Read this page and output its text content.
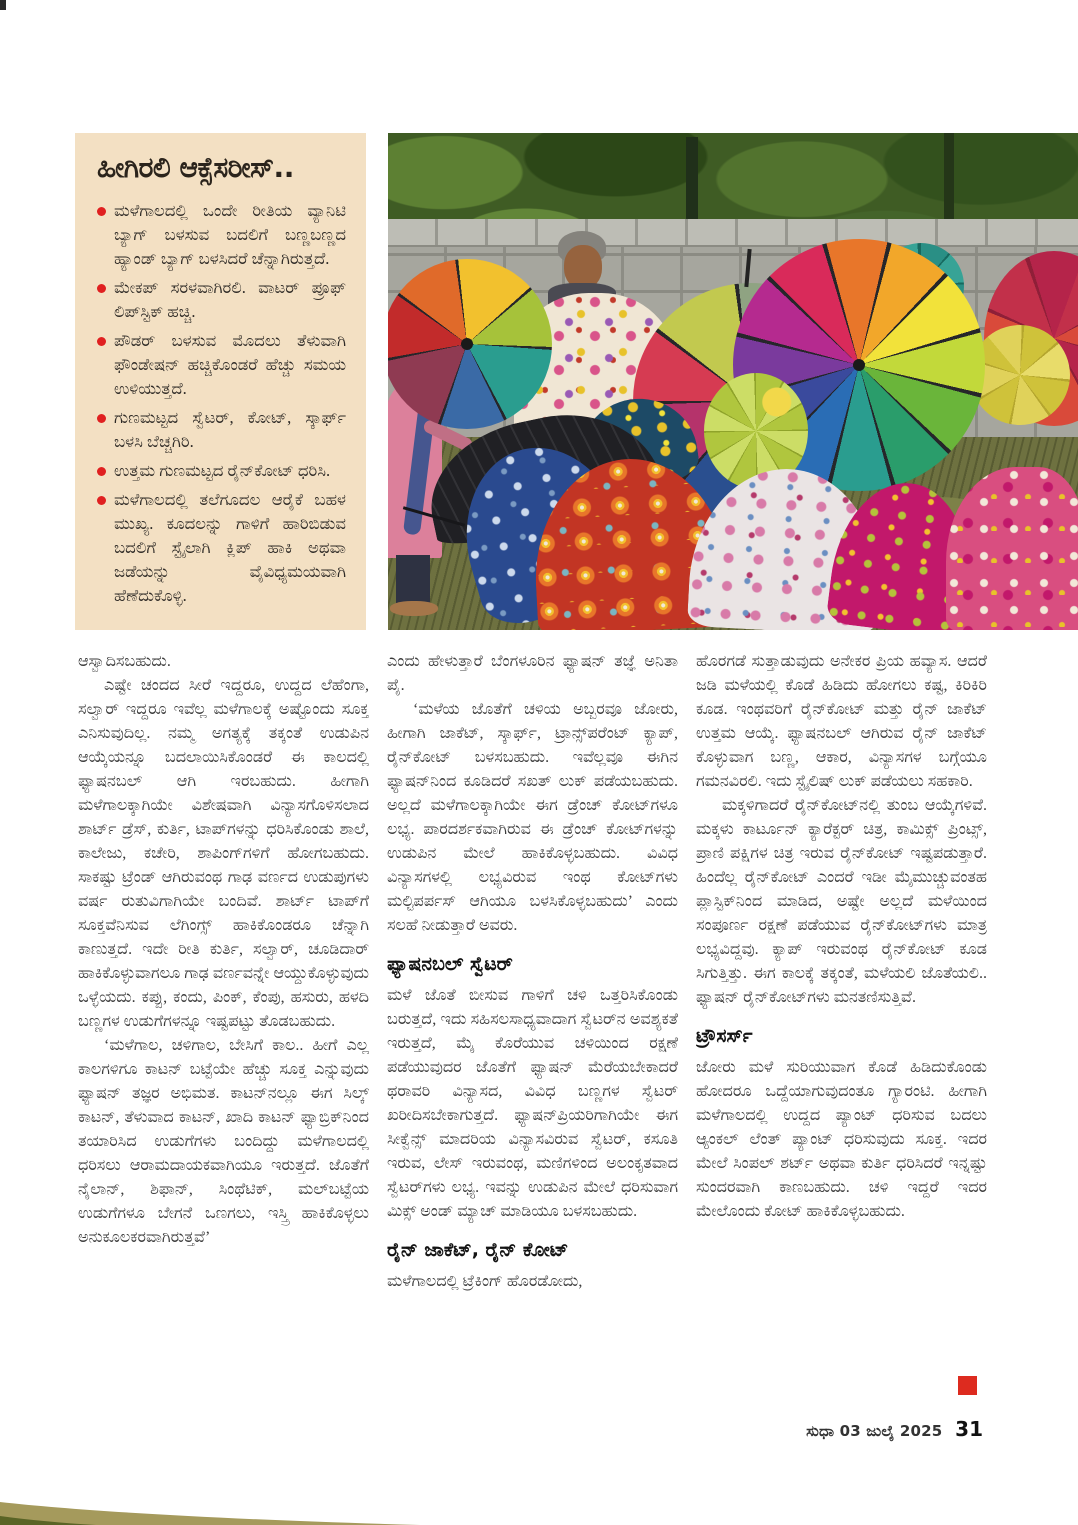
ಹೀಗಿರಲಿ ಆಕ್ಸೆಸರೀಸ್..
ಮಳೆಗಾಲದಲ್ಲಿ ಒಂದೇ ರೀತಿಯ ವ್ಯಾನಿಟಿ ಬ್ಯಾಗ್ ಬಳಸುವ ಬದಲಿಗೆ ಬಣ್ಣಬಣ್ಣದ ಹ್ಯಾಂಡ್ ಬ್ಯಾಗ್ ಬಳಸಿದರೆ ಚೆನ್ನಾಗಿರುತ್ತದೆ.
ಮೇಕಪ್ ಸರಳವಾಗಿರಲಿ. ವಾಟರ್ ಪ್ರೂಫ್ ಲಿಪ್‌ಸ್ಟಿಕ್ ಹಚ್ಚಿ.
ಪೌಡರ್ ಬಳಸುವ ಮೊದಲು ತೆಳುವಾಗಿ ಫೌಂಡೇಷನ್ ಹಚ್ಚಿಕೊಂಡರೆ ಹೆಚ್ಚು ಸಮಯ ಉಳಿಯುತ್ತದೆ.
ಗುಣಮಟ್ಟದ ಸ್ವೆಟರ್, ಕೋಟ್, ಸ್ಕಾರ್ಫ್ ಬಳಸಿ ಬೆಚ್ಚಗಿರಿ.
ಉತ್ತಮ ಗುಣಮಟ್ಟದ ರೈನ್‌ಕೋಟ್ ಧರಿಸಿ.
ಮಳೆಗಾಲದಲ್ಲಿ ತಲೆಗೂದಲ ಆರೈಕೆ ಬಹಳ ಮುಖ್ಯ. ಕೂದಲನ್ನು ಗಾಳಿಗೆ ಹಾರಿಬಿಡುವ ಬದಲಿಗೆ ಸ್ಟೈಲಾಗಿ ಕ್ಲಿಪ್ ಹಾಕಿ ಅಥವಾ ಜಡೆಯನ್ನು ವೈವಿಧ್ಯಮಯವಾಗಿ ಹೆಣೆದುಕೊಳ್ಳಿ.

ಆಸ್ವಾದಿಸಬಹುದು.

ಎಷ್ಟೇ ಚಂದದ ಸೀರೆ ಇದ್ದರೂ, ಉದ್ದದ ಲೆಹೆಂಗಾ, ಸಲ್ವಾರ್ ಇದ್ದರೂ ಇವೆಲ್ಲ ಮಳೆಗಾಲಕ್ಕೆ ಅಷ್ಟೊಂದು ಸೂಕ್ತ ಎನಿಸುವುದಿಲ್ಲ. ನಮ್ಮ ಅಗತ್ಯಕ್ಕೆ ತಕ್ಕಂತೆ ಉಡುಪಿನ ಆಯ್ಕೆಯನ್ನೂ ಬದಲಾಯಿಸಿಕೊಂಡರೆ ಈ ಕಾಲದಲ್ಲಿ ಫ್ಯಾಷನಬಲ್ ಆಗಿ ಇರಬಹುದು. ಹೀಗಾಗಿ ಮಳೆಗಾಲಕ್ಕಾಗಿಯೇ ವಿಶೇಷವಾಗಿ ವಿನ್ಯಾಸಗೊಳಿಸಲಾದ ಶಾರ್ಟ್ ಡ್ರೆಸ್, ಕುರ್ತಿ, ಟಾಪ್‌ಗಳನ್ನು ಧರಿಸಿಕೊಂಡು ಶಾಲೆ, ಕಾಲೇಜು, ಕಚೇರಿ, ಶಾಪಿಂಗ್‌ಗಳಿಗೆ ಹೋಗಬಹುದು. ಸಾಕಷ್ಟು ಟ್ರೆಂಡ್ ಆಗಿರುವಂಥ ಗಾಢ ವರ್ಣದ ಉಡುಪುಗಳು ವರ್ಷ ರುತುವಿಗಾಗಿಯೇ ಬಂದಿವೆ. ಶಾರ್ಟ್ ಟಾಪ್‌ಗೆ ಸೂಕ್ತವೆನಿಸುವ ಲೆಗಿಂಗ್ಸ್ ಹಾಕಿಕೊಂಡರೂ ಚೆನ್ನಾಗಿ ಕಾಣುತ್ತದೆ. ಇದೇ ರೀತಿ ಕುರ್ತಿ, ಸಲ್ವಾರ್, ಚೂಡಿದಾರ್ ಹಾಕಿಕೊಳ್ಳುವಾಗಲೂ ಗಾಢ ವರ್ಣವನ್ನೇ ಆಯ್ದುಕೊಳ್ಳುವುದು ಒಳ್ಳೆಯದು. ಕಪ್ಪು, ಕಂದು, ಪಿಂಕ್, ಕೆಂಪು, ಹಸುರು, ಹಳದಿ ಬಣ್ಣಗಳ ಉಡುಗೆಗಳನ್ನೂ ಇಷ್ಟಪಟ್ಟು ತೊಡಬಹುದು.

‘ಮಳೆಗಾಲ, ಚಳಿಗಾಲ, ಬೇಸಿಗೆ ಕಾಲ.. ಹೀಗೆ ಎಲ್ಲ ಕಾಲಗಳಿಗೂ ಕಾಟನ್ ಬಟ್ಟೆಯೇ ಹೆಚ್ಚು ಸೂಕ್ತ ಎನ್ನುವುದು ಫ್ಯಾಷನ್ ತಜ್ಞರ ಅಭಿಮತ. ಕಾಟನ್‌ನಲ್ಲೂ ಈಗ ಸಿಲ್ಕ್ ಕಾಟನ್, ತೆಳುವಾದ ಕಾಟನ್, ಖಾದಿ ಕಾಟನ್ ಫ್ಯಾಬ್ರಿಕ್‌ನಿಂದ ತಯಾರಿಸಿದ ಉಡುಗೆಗಳು ಬಂದಿದ್ದು ಮಳೆಗಾಲದಲ್ಲಿ ಧರಿಸಲು ಆರಾಮದಾಯಕವಾಗಿಯೂ ಇರುತ್ತದೆ. ಜೊತೆಗೆ ನೈಲಾನ್, ಶಿಫಾನ್, ಸಿಂಥೆಟಿಕ್, ಮಲ್‌ಬಟ್ಟೆಯ ಉಡುಗೆಗಳೂ ಬೇಗನೆ ಒಣಗಲು, ಇಸ್ತ್ರಿ ಹಾಕಿಕೊಳ್ಳಲು ಅನುಕೂಲಕರವಾಗಿರುತ್ತವೆ’

ಎಂದು ಹೇಳುತ್ತಾರೆ ಬೆಂಗಳೂರಿನ ಫ್ಯಾಷನ್ ತಜ್ಞೆ ಅನಿತಾ ಪೈ.

‘ಮಳೆಯ ಜೊತೆಗೆ ಚಳಿಯ ಅಬ್ಬರವೂ ಜೋರು, ಹೀಗಾಗಿ ಜಾಕೆಟ್, ಸ್ಕಾರ್ಫ್, ಟ್ರಾನ್ಸ್‌ಪರೆಂಟ್ ಕ್ಯಾಪ್, ರೈನ್‌ಕೋಟ್ ಬಳಸಬಹುದು. ಇವೆಲ್ಲವೂ ಈಗಿನ ಫ್ಯಾಷನ್‌ನಿಂದ ಕೂಡಿದರೆ ಸಖತ್ ಲುಕ್ ಪಡೆಯಬಹುದು. ಅಲ್ಲದೆ ಮಳೆಗಾಲಕ್ಕಾಗಿಯೇ ಈಗ ಡ್ರೆಂಚ್ ಕೋಟ್‌ಗಳೂ ಲಭ್ಯ. ಪಾರದರ್ಶಕವಾಗಿರುವ ಈ ಡ್ರೆಂಚ್ ಕೋಟ್‌ಗಳನ್ನು ಉಡುಪಿನ ಮೇಲೆ ಹಾಕಿಕೊಳ್ಳಬಹುದು. ವಿವಿಧ ವಿನ್ಯಾಸಗಳಲ್ಲಿ ಲಭ್ಯವಿರುವ ಇಂಥ ಕೋಟ್‌ಗಳು ಮಲ್ಟಿಪರ್ಪಸ್ ಆಗಿಯೂ ಬಳಸಿಕೊಳ್ಳಬಹುದು’ ಎಂದು ಸಲಹೆ ನೀಡುತ್ತಾರೆ ಅವರು.

ಫ್ಯಾಷನಬಲ್ ಸ್ವೆಟರ್

ಮಳೆ ಜೊತೆ ಬೀಸುವ ಗಾಳಿಗೆ ಚಳಿ ಒತ್ತರಿಸಿಕೊಂಡು ಬರುತ್ತದೆ, ಇದು ಸಹಿಸಲಸಾಧ್ಯವಾದಾಗ ಸ್ವೆಟರ್‌ನ ಅವಶ್ಯಕತೆ ಇರುತ್ತದೆ, ಮೈ ಕೊರೆಯುವ ಚಳಿಯಿಂದ ರಕ್ಷಣೆ ಪಡೆಯುವುದರ ಜೊತೆಗೆ ಫ್ಯಾಷನ್ ಮೆರೆಯಬೇಕಾದರೆ ಥರಾವರಿ ವಿನ್ಯಾಸದ, ವಿವಿಧ ಬಣ್ಣಗಳ ಸ್ವೆಟರ್ ಖರೀದಿಸಬೇಕಾಗುತ್ತದೆ. ಫ್ಯಾಷನ್‌ಪ್ರಿಯರಿಗಾಗಿಯೇ ಈಗ ಸೀಕ್ವೆನ್ಸ್ ಮಾದರಿಯ ವಿನ್ಯಾಸವಿರುವ ಸ್ವೆಟರ್, ಕಸೂತಿ ಇರುವ, ಲೇಸ್ ಇರುವಂಥ, ಮಣಿಗಳಿಂದ ಅಲಂಕೃತವಾದ ಸ್ವೆಟರ್‌ಗಳು ಲಭ್ಯ. ಇವನ್ನು ಉಡುಪಿನ ಮೇಲೆ ಧರಿಸುವಾಗ ಮಿಕ್ಸ್ ಅಂಡ್ ಮ್ಯಾಚ್ ಮಾಡಿಯೂ ಬಳಸಬಹುದು.

ರೈನ್ ಜಾಕೆಟ್, ರೈನ್ ಕೋಟ್

ಮಳೆಗಾಲದಲ್ಲಿ ಟ್ರೆಕಿಂಗ್ ಹೊರಡೋದು,

ಹೊರಗಡೆ ಸುತ್ತಾಡುವುದು ಅನೇಕರ ಪ್ರಿಯ ಹವ್ಯಾಸ. ಆದರೆ ಜಡಿ ಮಳೆಯಲ್ಲಿ ಕೊಡೆ ಹಿಡಿದು ಹೋಗಲು ಕಷ್ಟ, ಕಿರಿಕಿರಿ ಕೂಡ. ಇಂಥವರಿಗೆ ರೈನ್‌ಕೋಟ್ ಮತ್ತು ರೈನ್ ಜಾಕೆಟ್ ಉತ್ತಮ ಆಯ್ಕೆ. ಫ್ಯಾಷನಬಲ್ ಆಗಿರುವ ರೈನ್ ಜಾಕೆಟ್ ಕೊಳ್ಳುವಾಗ ಬಣ್ಣ, ಆಕಾರ, ವಿನ್ಯಾಸಗಳ ಬಗ್ಗೆಯೂ ಗಮನವಿರಲಿ. ಇದು ಸ್ಟೈಲಿಷ್ ಲುಕ್ ಪಡೆಯಲು ಸಹಕಾರಿ.

ಮಕ್ಕಳಿಗಾದರೆ ರೈನ್‌ಕೋಟ್‌ನಲ್ಲಿ ತುಂಬ ಆಯ್ಕೆಗಳಿವೆ. ಮಕ್ಕಳು ಕಾರ್ಟೂನ್ ಕ್ಯಾರೆಕ್ಟರ್ ಚಿತ್ರ, ಕಾಮಿಕ್ಸ್ ಪ್ರಿಂಟ್ಸ್, ಪ್ರಾಣಿ ಪಕ್ಷಿಗಳ ಚಿತ್ರ ಇರುವ ರೈನ್‌ಕೋಟ್ ಇಷ್ಟಪಡುತ್ತಾರೆ. ಹಿಂದೆಲ್ಲ ರೈನ್‌ಕೋಟ್ ಎಂದರೆ ಇಡೀ ಮೈಮುಚ್ಚುವಂತಹ ಪ್ಲಾಸ್ಟಿಕ್‌ನಿಂದ ಮಾಡಿದ, ಅಷ್ಟೇ ಅಲ್ಲದೆ ಮಳೆಯಿಂದ ಸಂಪೂರ್ಣ ರಕ್ಷಣೆ ಪಡೆಯುವ ರೈನ್‌ಕೋಟ್‌ಗಳು ಮಾತ್ರ ಲಭ್ಯವಿದ್ದವು. ಕ್ಯಾಪ್ ಇರುವಂಥ ರೈನ್‌ಕೋಟ್ ಕೂಡ ಸಿಗುತ್ತಿತ್ತು. ಈಗ ಕಾಲಕ್ಕೆ ತಕ್ಕಂತೆ, ಮಳೆಯಲಿ ಜೊತೆಯಲಿ.. ಫ್ಯಾಷನ್ ರೈನ್‌ಕೋಟ್‌ಗಳು ಮನತಣಿಸುತ್ತಿವೆ.

ಟ್ರೌಸರ್ಸ್

ಜೋರು ಮಳೆ ಸುರಿಯುವಾಗ ಕೊಡೆ ಹಿಡಿದುಕೊಂಡು ಹೋದರೂ ಒದ್ದೆಯಾಗುವುದಂತೂ ಗ್ಯಾರಂಟಿ. ಹೀಗಾಗಿ ಮಳೆಗಾಲದಲ್ಲಿ ಉದ್ದದ ಪ್ಯಾಂಟ್ ಧರಿಸುವ ಬದಲು ಆ್ಯಂಕಲ್ ಲೆಂತ್ ಪ್ಯಾಂಟ್ ಧರಿಸುವುದು ಸೂಕ್ತ. ಇದರ ಮೇಲೆ ಸಿಂಪಲ್ ಶರ್ಟ್ ಅಥವಾ ಕುರ್ತಿ ಧರಿಸಿದರೆ ಇನ್ನಷ್ಟು ಸುಂದರವಾಗಿ ಕಾಣಬಹುದು. ಚಳಿ ಇದ್ದರೆ ಇದರ ಮೇಲೊಂದು ಕೋಟ್ ಹಾಕಿಕೊಳ್ಳಬಹುದು.

ಸುಧಾ 03 ಜುಲೈ 2025 31
